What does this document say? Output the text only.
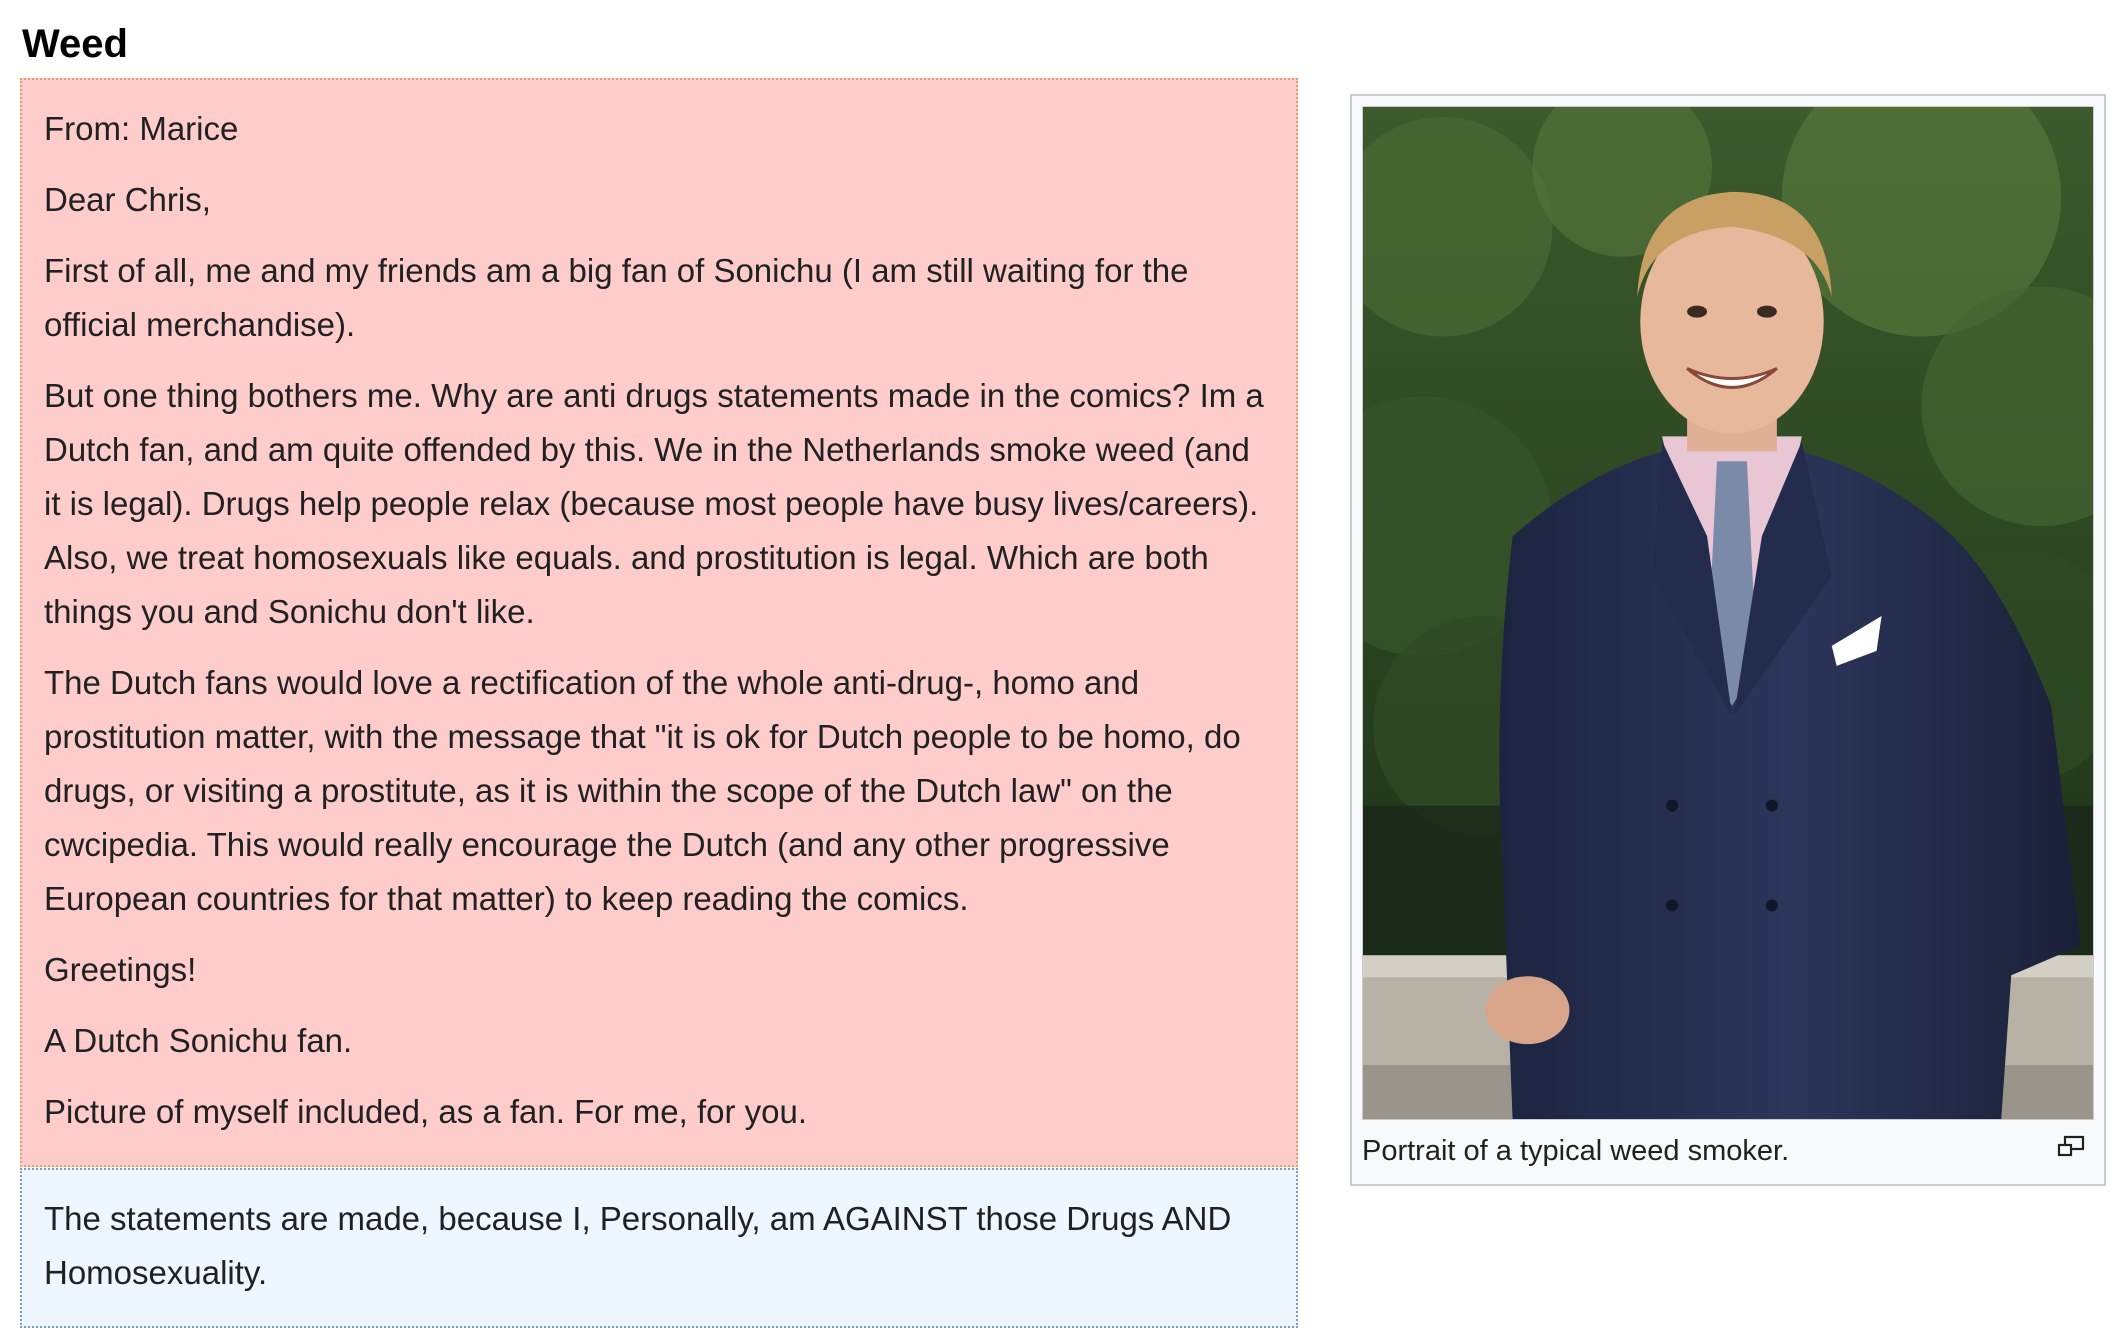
Weed

From: Marice

Dear Chris,

First of all, me and my friends am a big fan of Sonichu (I am still waiting for the official merchandise).

But one thing bothers me. Why are anti drugs statements made in the comics? Im a Dutch fan, and am quite offended by this. We in the Netherlands smoke weed (and it is legal). Drugs help people relax (because most people have busy lives/careers). Also, we treat homosexuals like equals. and prostitution is legal. Which are both things you and Sonichu don't like.

The Dutch fans would love a rectification of the whole anti-drug-, homo and prostitution matter, with the message that "it is ok for Dutch people to be homo, do drugs, or visiting a prostitute, as it is within the scope of the Dutch law" on the cwcipedia. This would really encourage the Dutch (and any other progressive European countries for that matter) to keep reading the comics.

Greetings!

A Dutch Sonichu fan.

Picture of myself included, as a fan. For me, for you.

The statements are made, because I, Personally, am AGAINST those Drugs AND Homosexuality.

Portrait of a typical weed smoker.
